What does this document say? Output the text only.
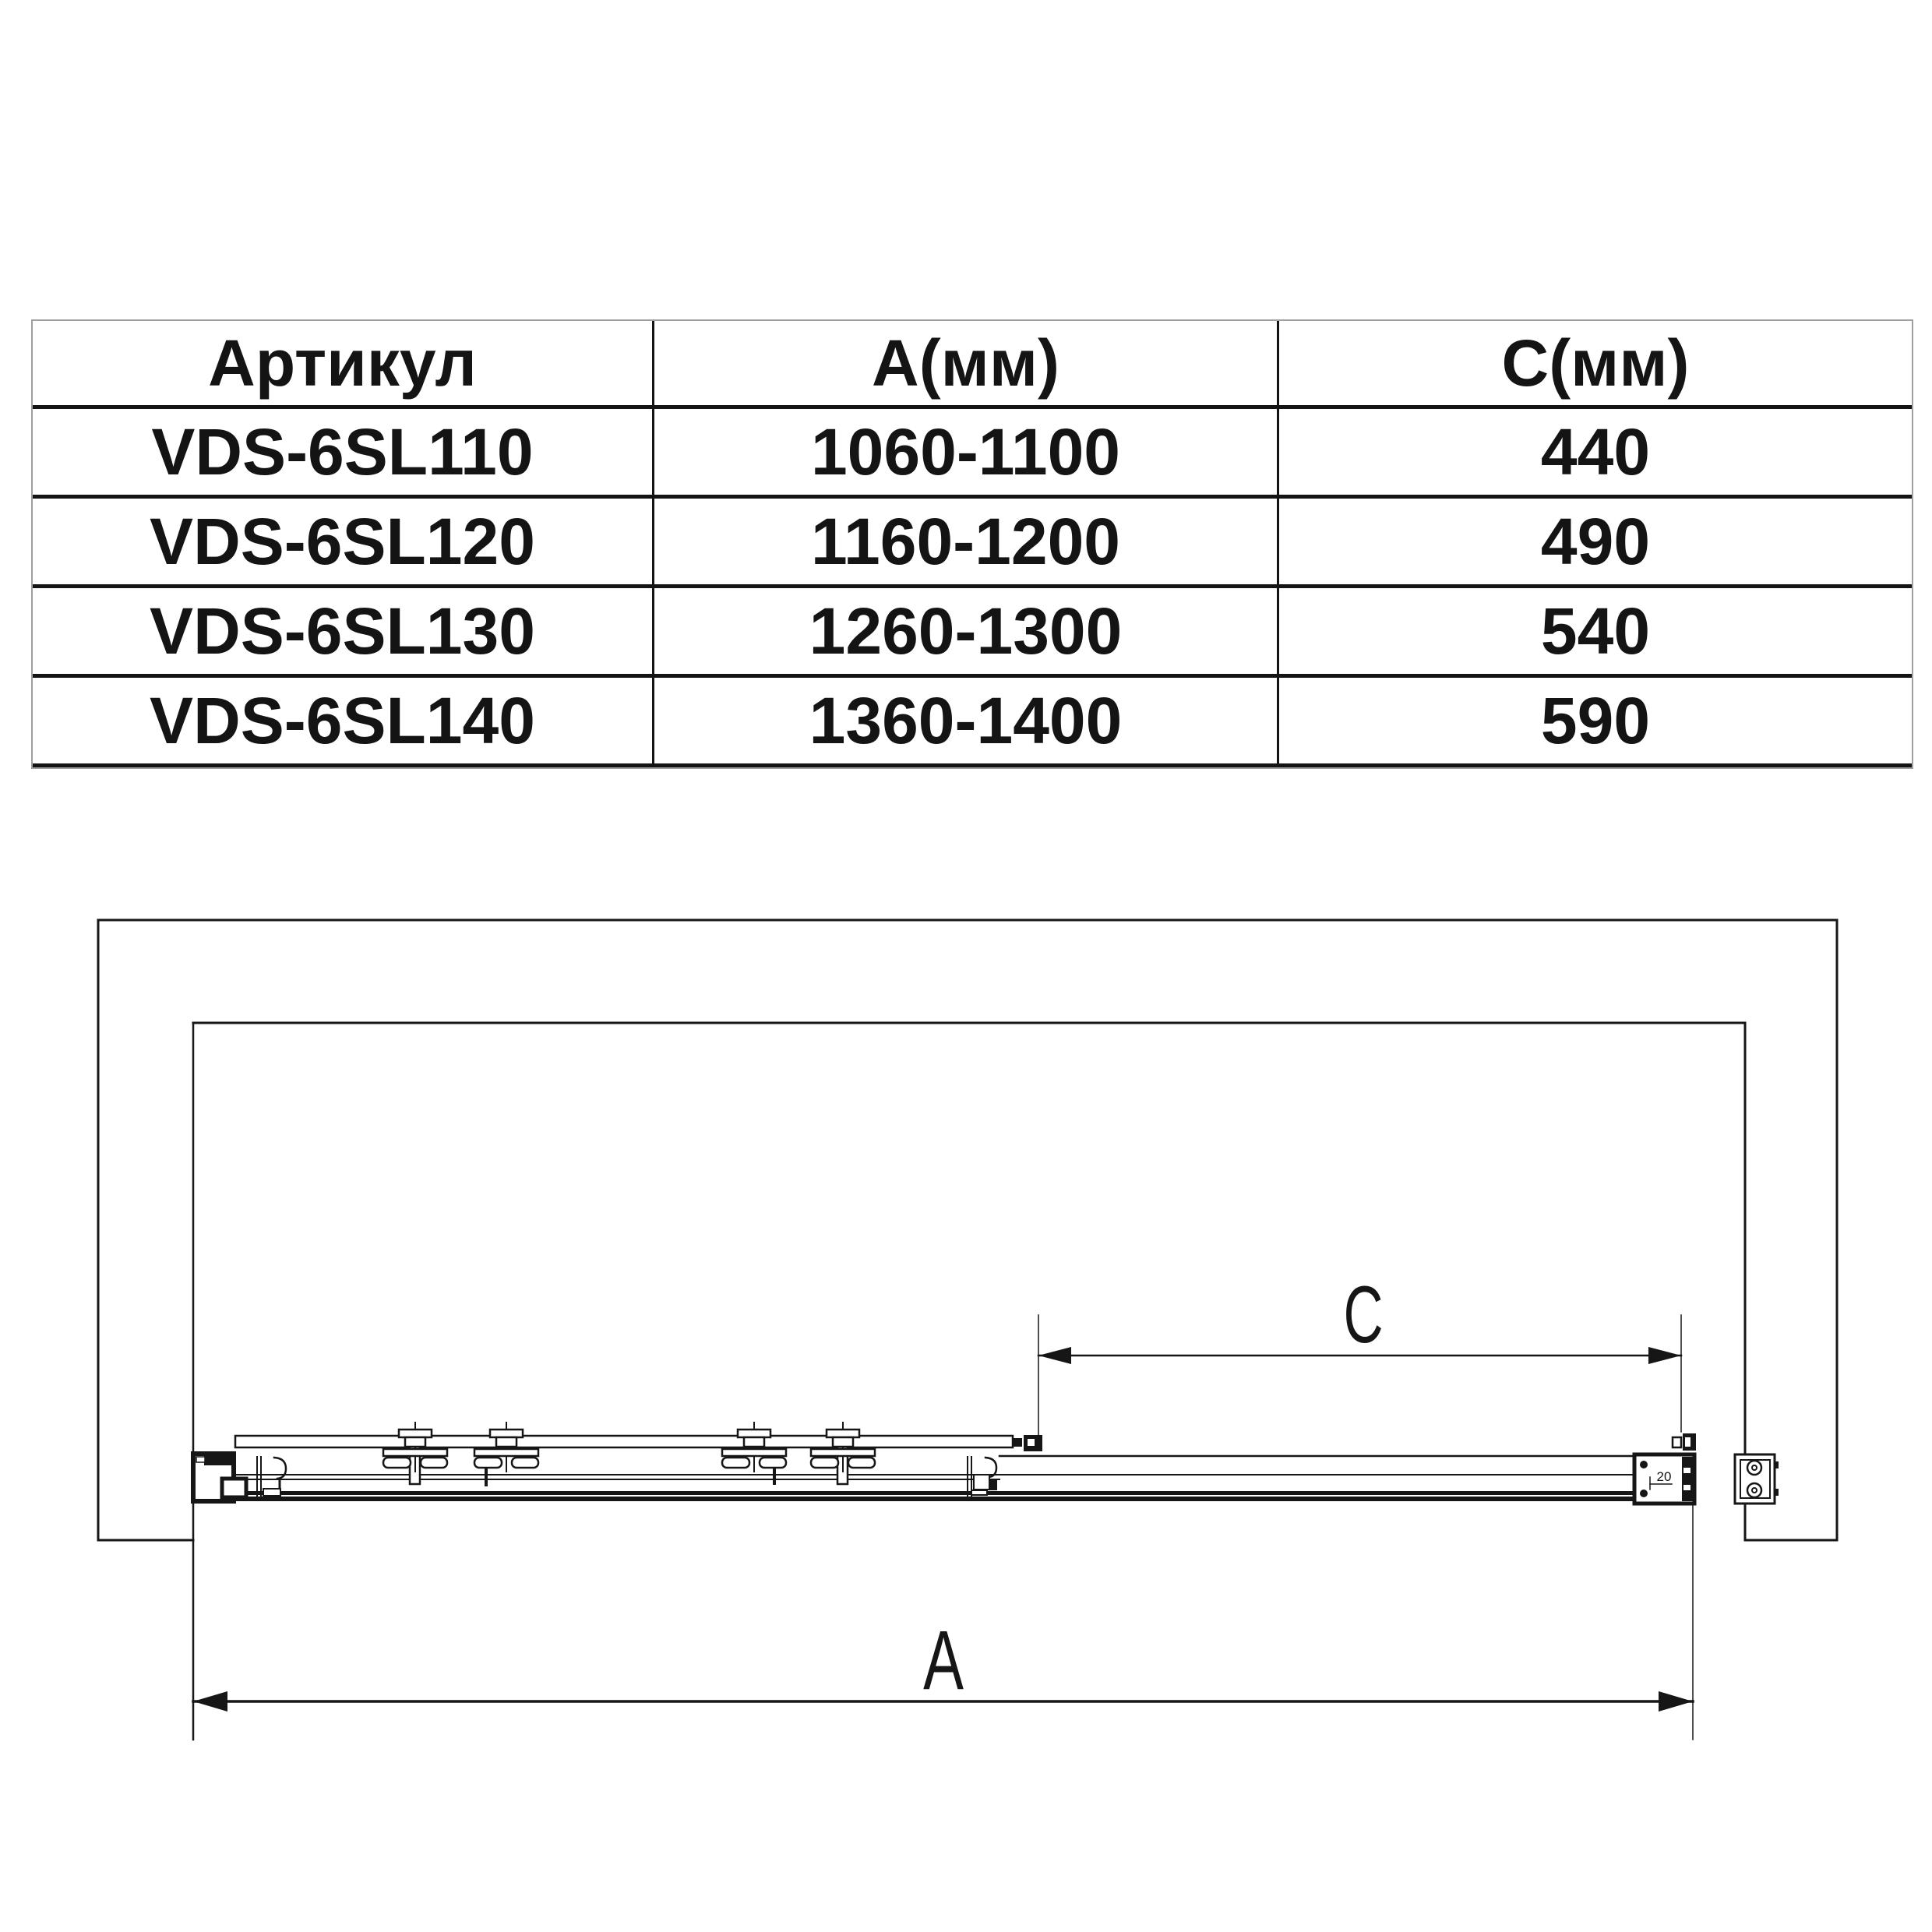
Артикул	А(мм)	С(мм)
VDS-6SL110	1060-1100	440
VDS-6SL120	1160-1200	490
VDS-6SL130	1260-1300	540
VDS-6SL140	1360-1400	590
20
C
A
